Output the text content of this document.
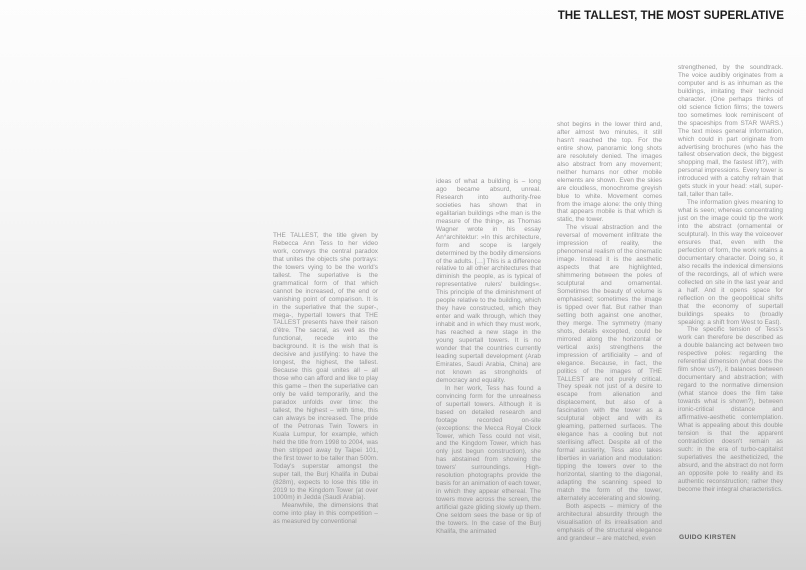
THE TALLEST, THE MOST SUPERLATIVE

THE TALLEST, the title given by Rebecca Ann Tess to her video work, conveys the central paradox that unites the objects she portrays: the towers vying to be the world's tallest. The superlative is the grammatical form of that which cannot be increased, of the end or vanishing point of comparison. It is in the superlative that the super-, mega-, hypertall towers that THE TALLEST presents have their raison d'être. The sacral, as well as the functional, recede into the background. It is the wish that is decisive and justifying: to have the longest, the highest, the tallest. Because this goal unites all – all those who can afford and like to play this game – then the superlative can only be valid temporarily, and the paradox unfolds over time: the tallest, the highest – with time, this can always be increased. The pride of the Petronas Twin Towers in Kuala Lumpur, for example, which held the title from 1998 to 2004, was then stripped away by Taipei 101, the first tower to be taller than 500m. Today's superstar amongst the super tall, the Burj Khalifa in Dubai (828m), expects to lose this title in 2019 to the Kingdom Tower (at over 1000m) in Jedda (Saudi Arabia).

Meanwhile, the dimensions that come into play in this competition – as measured by conventional

ideas of what a building is – long ago became absurd, unreal. Research into authority-free societies has shown that in egalitarian buildings »the man is the measure of the thing«, as Thomas Wagner wrote in his essay An°architektur: »In this architecture, form and scope is largely determined by the bodily dimensions of the adults. […] This is a difference relative to all other architectures that diminish the people, as is typical of representative rulers' buildings«. This principle of the diminishment of people relative to the building, which they have constructed, which they enter and walk through, which they inhabit and in which they must work, has reached a new stage in the young supertall towers. It is no wonder that the countries currently leading supertall development (Arab Emirates, Saudi Arabia, China) are not known as strongholds of democracy and equality.

In her work, Tess has found a convincing form for the unrealness of supertall towers. Although it is based on detailed research and footage recorded on-site (exceptions: the Mecca Royal Clock Tower, which Tess could not visit, and the Kingdom Tower, which has only just begun construction), she has abstained from showing the towers' surroundings. High-resolution photographs provide the basis for an animation of each tower, in which they appear ethereal. The towers move across the screen, the artificial gaze gliding slowly up them. One seldom sees the base or tip of the towers. In the case of the Burj Khalifa, the animated

shot begins in the lower third and, after almost two minutes, it still hasn't reached the top. For the entire show, panoramic long shots are resolutely denied. The images also abstract from any movement; neither humans nor other mobile elements are shown. Even the skies are cloudless, monochrome greyish blue to white. Movement comes from the image alone: the only thing that appears mobile is that which is static, the tower.

The visual abstraction and the reversal of movement infiltrate the impression of reality, the phenomenal realism of the cinematic image. Instead it is the aesthetic aspects that are highlighted, shimmering between the poles of sculptural and ornamental. Sometimes the beauty of volume is emphasised; sometimes the image is tipped over flat. But rather than setting both against one another, they merge. The symmetry (many shots, details excepted, could be mirrored along the horizontal or vertical axis) strengthens the impression of artificiality – and of elegance. Because, in fact, the politics of the images of THE TALLEST are not purely critical. They speak not just of a desire to escape from alienation and displacement, but also of a fascination with the tower as a sculptural object and with its gleaming, patterned surfaces. The elegance has a cooling but not sterilising affect. Despite all of the formal austerity, Tess also takes liberties in variation and modulation: tipping the towers over to the horizontal, slanting to the diagonal, adapting the scanning speed to match the form of the tower, alternately accelerating and slowing.

Both aspects – mimicry of the architectural absurdity through the visualisation of its irrealisation and emphasis of the structural elegance and grandeur – are matched, even

strengthened, by the soundtrack. The voice audibly originates from a computer and is as inhuman as the buildings, imitating their technoid character. (One perhaps thinks of old science fiction films; the towers too sometimes look reminiscent of the spaceships from STAR WARS.) The text mixes general information, which could in part originate from advertising brochures (who has the tallest observation deck, the biggest shopping mall, the fastest lift?), with personal impressions. Every tower is introduced with a catchy refrain that gets stuck in your head: »tall, super-tall, taller than tall«.

The information gives meaning to what is seen; whereas concentrating just on the image could tip the work into the abstract (ornamental or sculptural). In this way the voiceover ensures that, even with the perfection of form, the work retains a documentary character. Doing so, it also recalls the indexical dimensions of the recordings, all of which were collected on site in the last year and a half. And it opens space for reflection on the geopolitical shifts that the economy of supertall buildings speaks to (broadly speaking: a shift from West to East).

The specific tension of Tess's work can therefore be described as a double balancing act between two respective poles: regarding the referential dimension (what does the film show us?), it balances between documentary and abstraction; with regard to the normative dimension (what stance does the film take towards what is shown?), between ironic-critical distance and affirmative-aesthetic contemplation. What is appealing about this double tension is that the apparent contradiction doesn't remain as such: in the era of turbo-capitalist superlatives the aestheticized, the absurd, and the abstract do not form an opposite pole to reality and its authentic reconstruction; rather they become their integral characteristics.

GUIDO KIRSTEN
